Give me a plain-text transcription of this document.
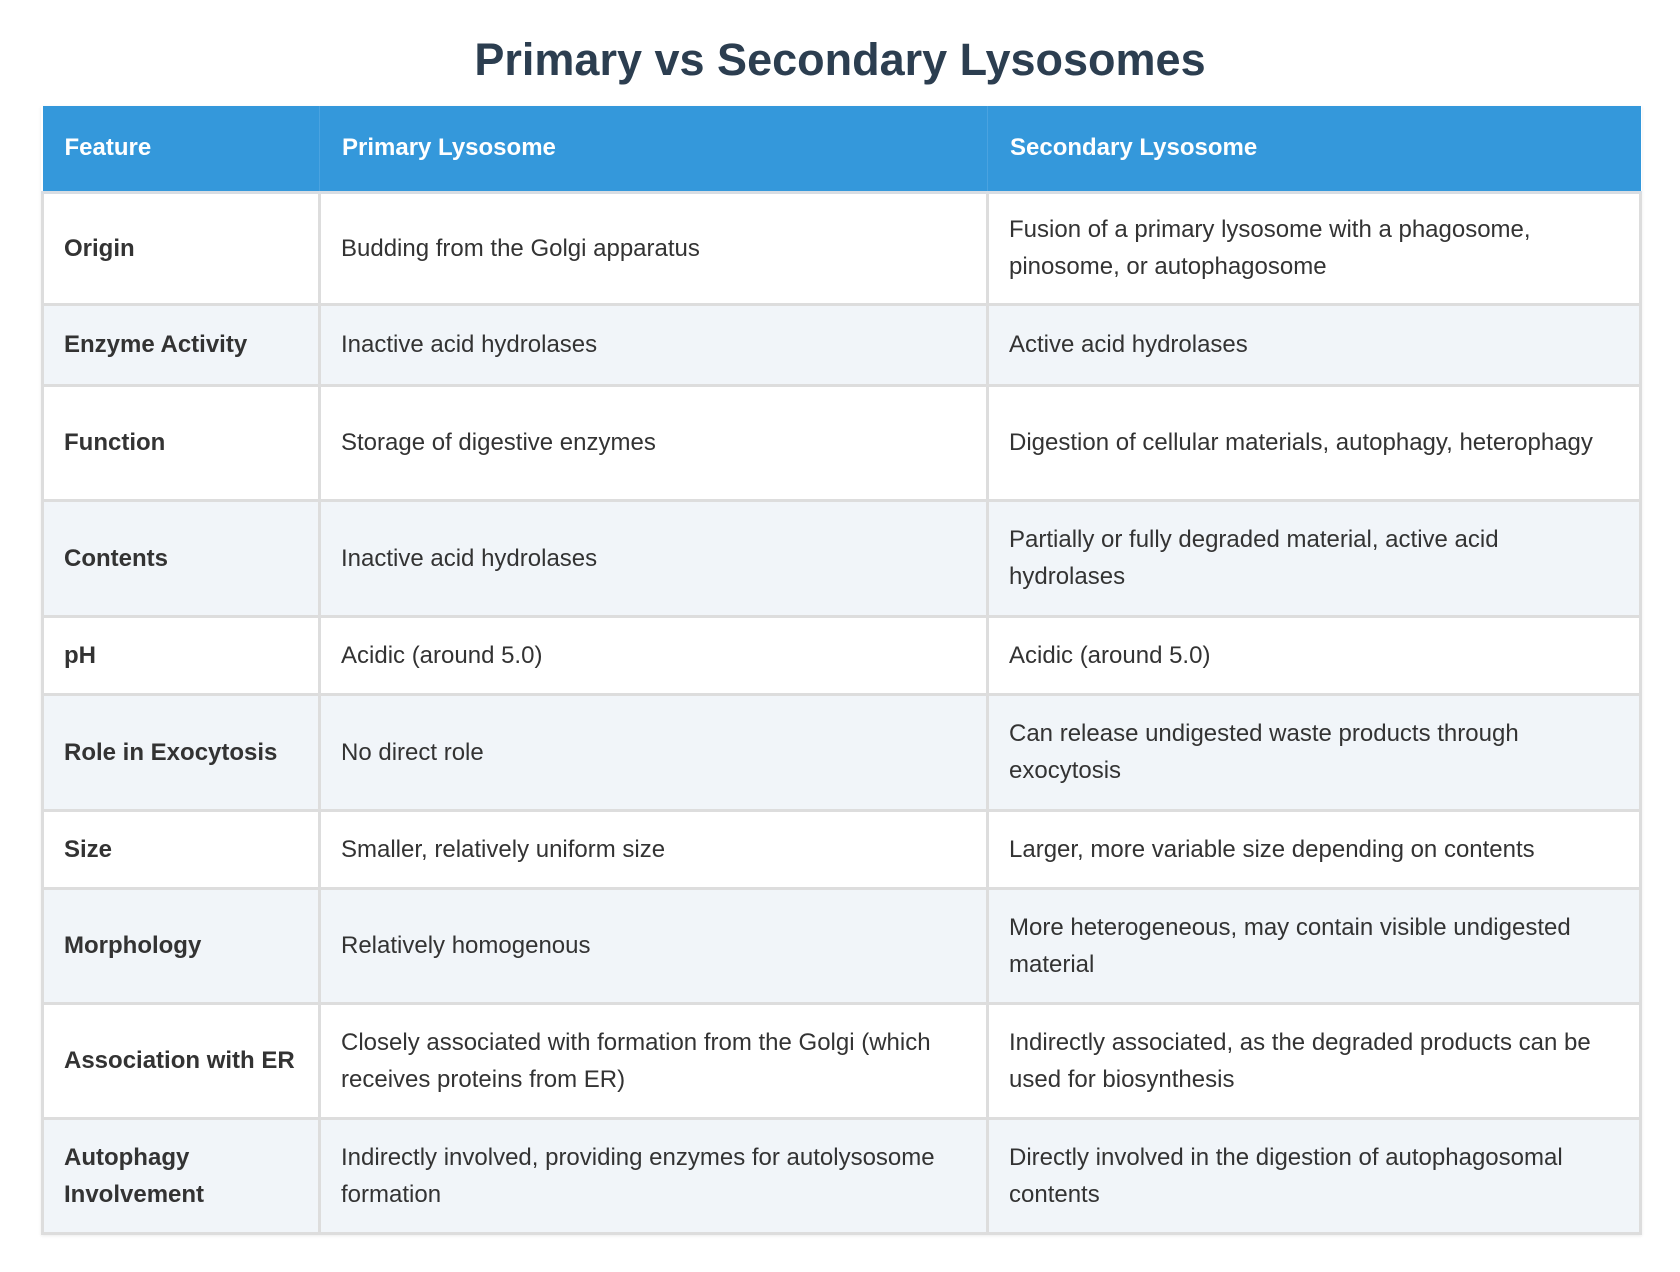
Primary vs Secondary Lysosomes
Feature	Primary Lysosome	Secondary Lysosome
Origin	Budding from the Golgi apparatus	Fusion of a primary lysosome with a phagosome, pinosome, or autophagosome
Enzyme Activity	Inactive acid hydrolases	Active acid hydrolases
Function	Storage of digestive enzymes	Digestion of cellular materials, autophagy, heterophagy
Contents	Inactive acid hydrolases	Partially or fully degraded material, active acid hydrolases
pH	Acidic (around 5.0)	Acidic (around 5.0)
Role in Exocytosis	No direct role	Can release undigested waste products through exocytosis
Size	Smaller, relatively uniform size	Larger, more variable size depending on contents
Morphology	Relatively homogenous	More heterogeneous, may contain visible undigested material
Association with ER	Closely associated with formation from the Golgi (which receives proteins from ER)	Indirectly associated, as the degraded products can be used for biosynthesis
Autophagy Involvement	Indirectly involved, providing enzymes for autolysosome formation	Directly involved in the digestion of autophagosomal contents
